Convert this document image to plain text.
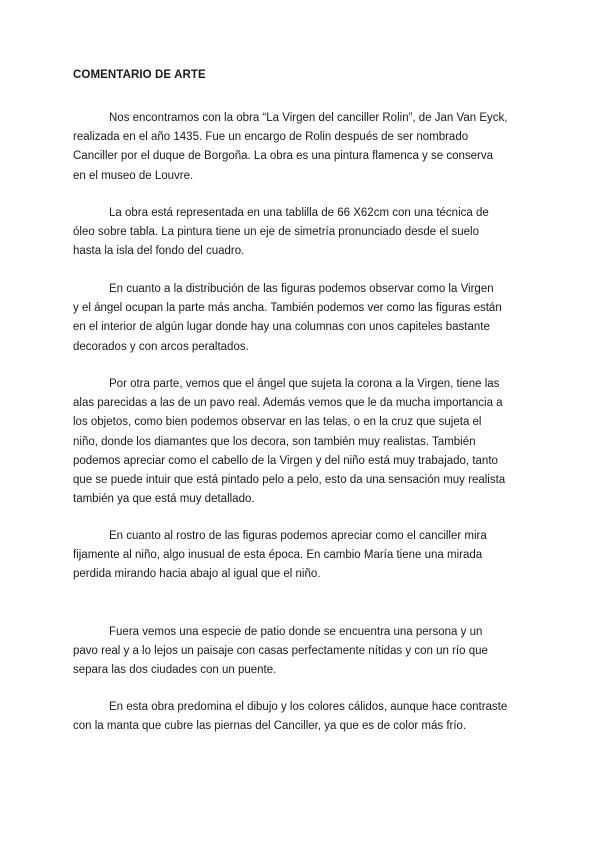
COMENTARIO DE ARTE

Nos encontramos con la obra “La Virgen del canciller Rolin”, de Jan Van Eyck,
realizada en el año 1435. Fue un encargo de Rolin después de ser nombrado
Canciller por el duque de Borgoña. La obra es una pintura flamenca y se conserva
en el museo de Louvre.

La obra está representada en una tablilla de 66 X62cm con una técnica de
óleo sobre tabla. La pintura tiene un eje de simetría pronunciado desde el suelo
hasta la isla del fondo del cuadro.

En cuanto a la distribución de las figuras podemos observar como la Virgen
y el ángel ocupan la parte más ancha. También podemos ver como las figuras están
en el interior de algún lugar donde hay una columnas con unos capiteles bastante
decorados y con arcos peraltados.

Por otra parte, vemos que el ángel que sujeta la corona a la Virgen, tiene las
alas parecidas a las de un pavo real. Además vemos que le da mucha importancia a
los objetos, como bien podemos observar en las telas, o en la cruz que sujeta el
niño, donde los diamantes que los decora, son también muy realistas. También
podemos apreciar como el cabello de la Virgen y del niño está muy trabajado, tanto
que se puede intuir que está pintado pelo a pelo, esto da una sensación muy realista
también ya que está muy detallado.

En cuanto al rostro de las figuras podemos apreciar como el canciller mira
fijamente al niño, algo inusual de esta época. En cambio María tiene una mirada
perdida mirando hacia abajo al igual que el niño.

Fuera vemos una especie de patio donde se encuentra una persona y un
pavo real y a lo lejos un paisaje con casas perfectamente nítidas y con un río que
separa las dos ciudades con un puente.

En esta obra predomina el dibujo y los colores cálidos, aunque hace contraste
con la manta que cubre las piernas del Canciller, ya que es de color más frío.
